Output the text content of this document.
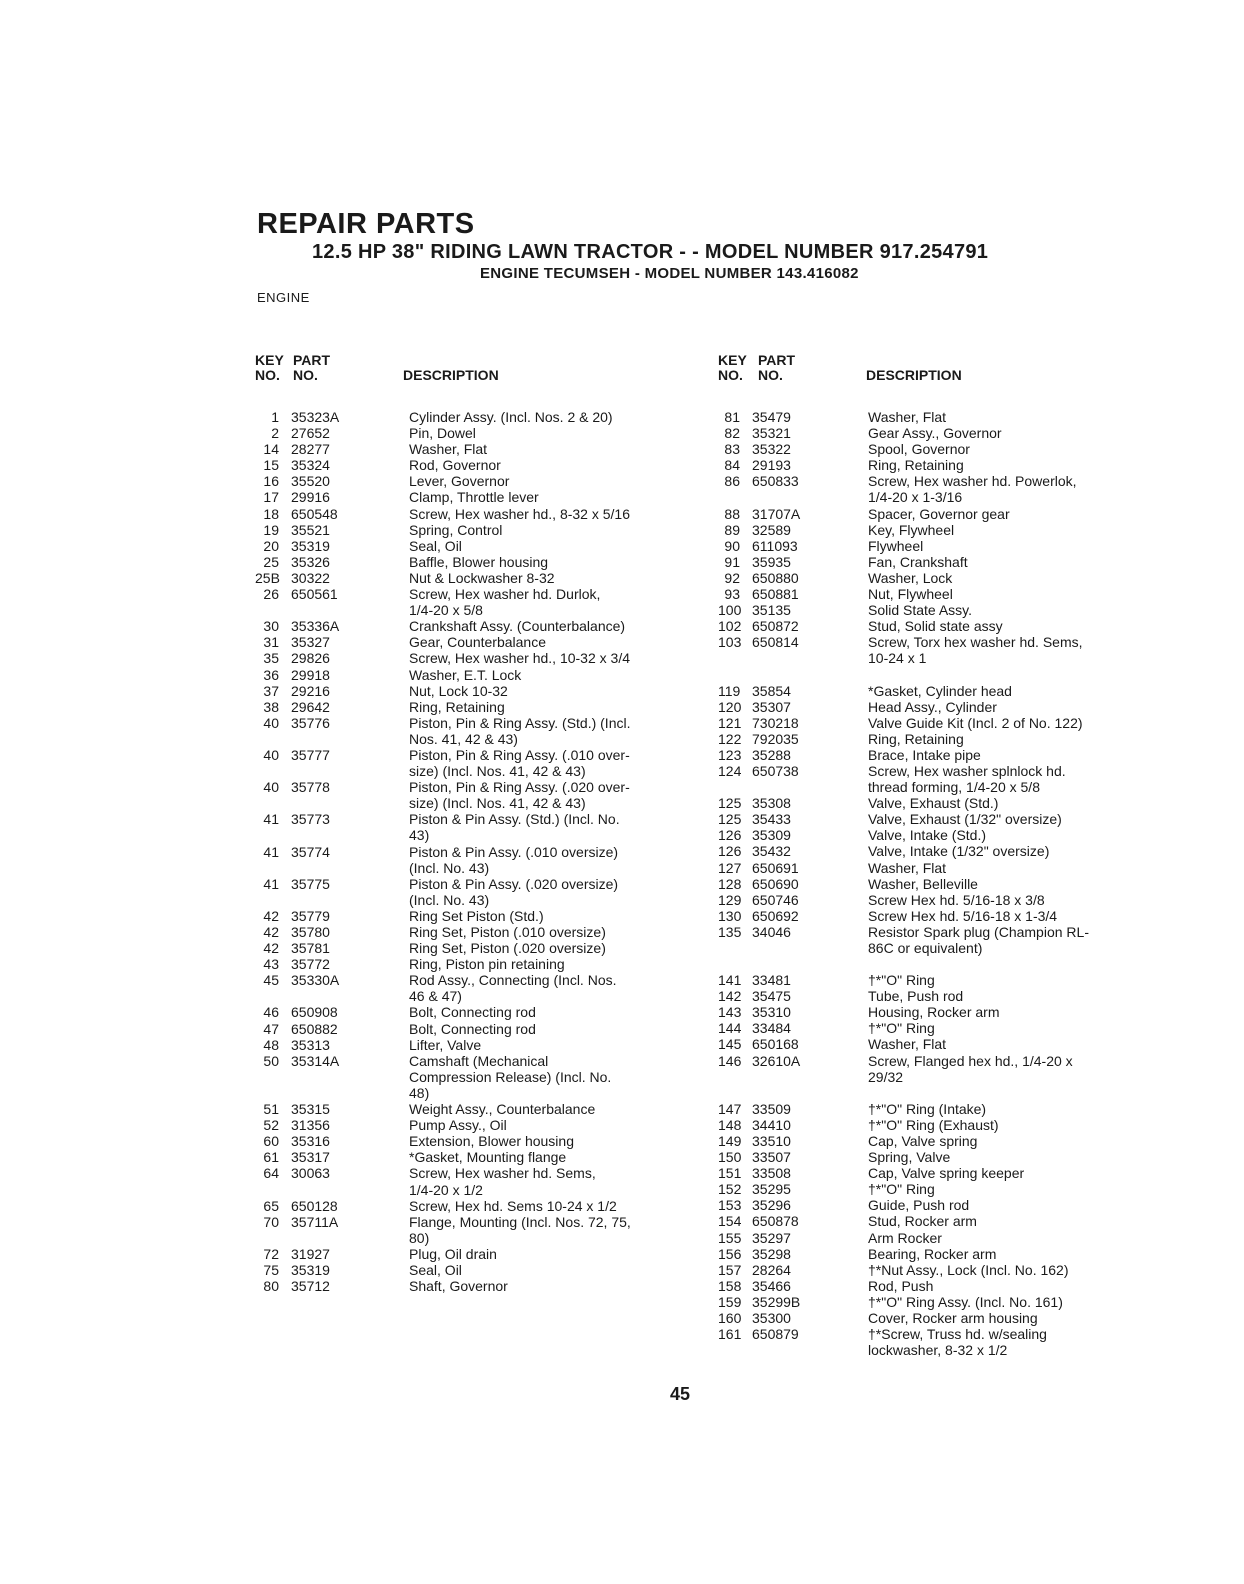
REPAIR PARTS
12.5 HP 38" RIDING LAWN TRACTOR - - MODEL NUMBER 917.254791
ENGINE TECUMSEH - MODEL NUMBER 143.416082
ENGINE
KEY PART
NO. NO.	DESCRIPTION
1 35323A	Cylinder Assy. (Incl. Nos. 2 & 20)
2 27652	Pin, Dowel
14 28277	Washer, Flat
15 35324	Rod, Governor
16 35520	Lever, Governor
17 29916	Clamp, Throttle lever
18 650548	Screw, Hex washer hd., 8-32 x 5/16
19 35521	Spring, Control
20 35319	Seal, Oil
25 35326	Baffle, Blower housing
25B 30322	Nut & Lockwasher 8-32
26 650561	Screw, Hex washer hd. Durlok,
1/4-20 x 5/8
30 35336A	Crankshaft Assy. (Counterbalance)
31 35327	Gear, Counterbalance
35 29826	Screw, Hex washer hd., 10-32 x 3/4
36 29918	Washer, E.T. Lock
37 29216	Nut, Lock 10-32
38 29642	Ring, Retaining
40 35776	Piston, Pin & Ring Assy. (Std.) (Incl.
Nos. 41, 42 & 43)
40 35777	Piston, Pin & Ring Assy. (.010 over-
size) (Incl. Nos. 41, 42 & 43)
40 35778	Piston, Pin & Ring Assy. (.020 over-
size) (Incl. Nos. 41, 42 & 43)
41 35773	Piston & Pin Assy. (Std.) (Incl. No.
43)
41 35774	Piston & Pin Assy. (.010 oversize)
(Incl. No. 43)
41 35775	Piston & Pin Assy. (.020 oversize)
(Incl. No. 43)
42 35779	Ring Set Piston (Std.)
42 35780	Ring Set, Piston (.010 oversize)
42 35781	Ring Set, Piston (.020 oversize)
43 35772	Ring, Piston pin retaining
45 35330A	Rod Assy., Connecting (Incl. Nos.
46 & 47)
46 650908	Bolt, Connecting rod
47 650882	Bolt, Connecting rod
48 35313	Lifter, Valve
50 35314A	Camshaft (Mechanical
Compression Release) (Incl. No.
48)
51 35315	Weight Assy., Counterbalance
52 31356	Pump Assy., Oil
60 35316	Extension, Blower housing
61 35317	*Gasket, Mounting flange
64 30063	Screw, Hex washer hd. Sems,
1/4-20 x 1/2
65 650128	Screw, Hex hd. Sems 10-24 x 1/2
70 35711A	Flange, Mounting (Incl. Nos. 72, 75,
80)
72 31927	Plug, Oil drain
75 35319	Seal, Oil
80 35712	Shaft, Governor
KEY PART
NO. NO.	DESCRIPTION
81 35479	Washer, Flat
82 35321	Gear Assy., Governor
83 35322	Spool, Governor
84 29193	Ring, Retaining
86 650833	Screw, Hex washer hd. Powerlok,
1/4-20 x 1-3/16
88 31707A	Spacer, Governor gear
89 32589	Key, Flywheel
90 611093	Flywheel
91 35935	Fan, Crankshaft
92 650880	Washer, Lock
93 650881	Nut, Flywheel
100 35135	Solid State Assy.
102 650872	Stud, Solid state assy
103 650814	Screw, Torx hex washer hd. Sems,
10-24 x 1
119 35854	*Gasket, Cylinder head
120 35307	Head Assy., Cylinder
121 730218	Valve Guide Kit (Incl. 2 of No. 122)
122 792035	Ring, Retaining
123 35288	Brace, Intake pipe
124 650738	Screw, Hex washer splnlock hd.
thread forming, 1/4-20 x 5/8
125 35308	Valve, Exhaust (Std.)
125 35433	Valve, Exhaust (1/32" oversize)
126 35309	Valve, Intake (Std.)
126 35432	Valve, Intake (1/32" oversize)
127 650691	Washer, Flat
128 650690	Washer, Belleville
129 650746	Screw Hex hd. 5/16-18 x 3/8
130 650692	Screw Hex hd. 5/16-18 x 1-3/4
135 34046	Resistor Spark plug (Champion RL-
86C or equivalent)
141 33481	†*"O" Ring
142 35475	Tube, Push rod
143 35310	Housing, Rocker arm
144 33484	†*"O" Ring
145 650168	Washer, Flat
146 32610A	Screw, Flanged hex hd., 1/4-20 x
29/32
147 33509	†*"O" Ring (Intake)
148 34410	†*"O" Ring (Exhaust)
149 33510	Cap, Valve spring
150 33507	Spring, Valve
151 33508	Cap, Valve spring keeper
152 35295	†*"O" Ring
153 35296	Guide, Push rod
154 650878	Stud, Rocker arm
155 35297	Arm Rocker
156 35298	Bearing, Rocker arm
157 28264	†*Nut Assy., Lock (Incl. No. 162)
158 35466	Rod, Push
159 35299B	†*"O" Ring Assy. (Incl. No. 161)
160 35300	Cover, Rocker arm housing
161 650879	†*Screw, Truss hd. w/sealing
lockwasher, 8-32 x 1/2
45
